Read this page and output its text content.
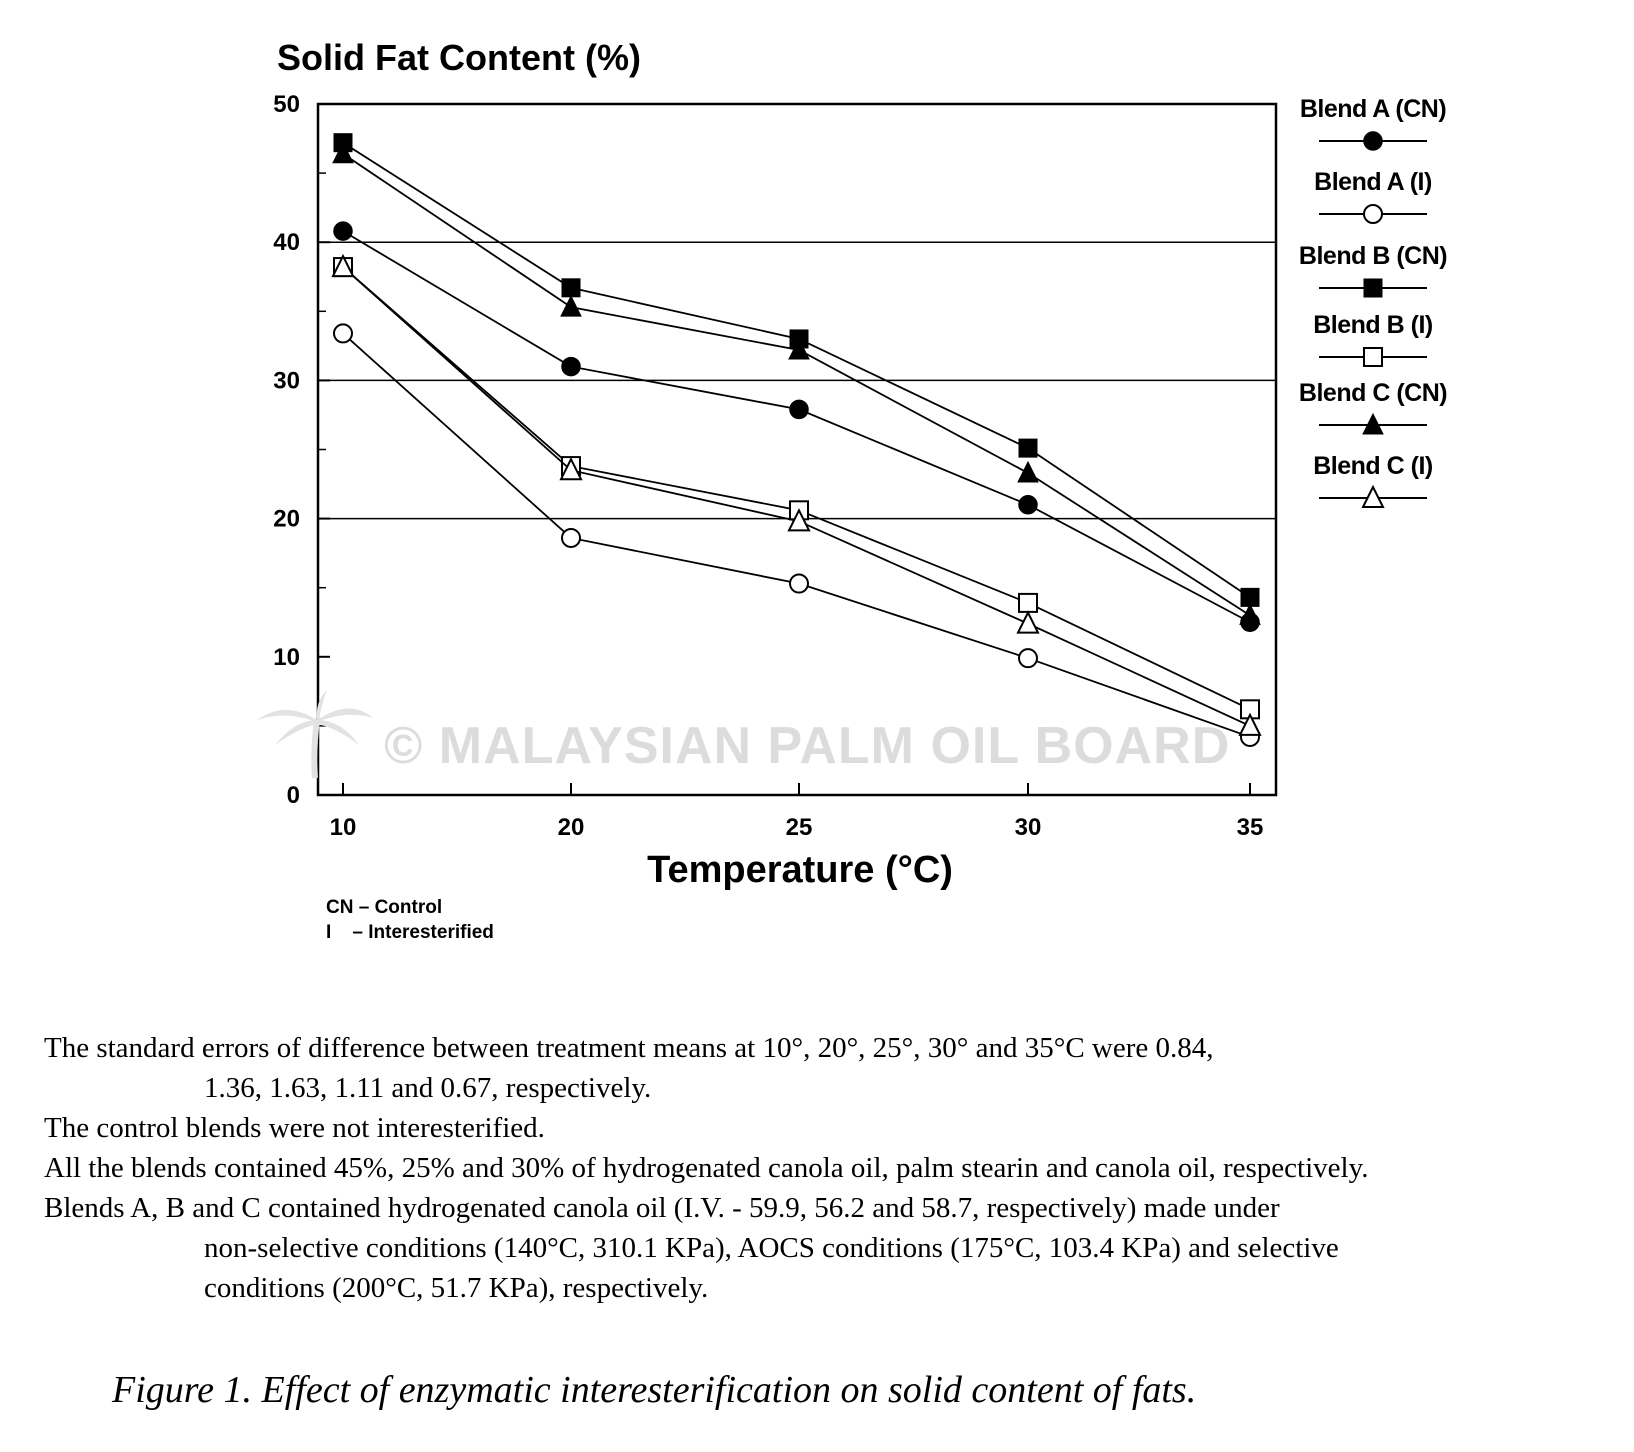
Solid Fat Content (%)
0
10
20
30
40
50
10	20	25	30	35
Temperature (°C)
Blend A (CN)
Blend A (I)
Blend B (CN)
Blend B (I)
Blend C (CN)
Blend C (I)
© MALAYSIAN PALM OIL BOARD
CN – Control
I    – Interesterified

The standard errors of difference between treatment means at 10°, 20°, 25°, 30° and 35°C were 0.84,

1.36, 1.63, 1.11 and 0.67, respectively.

The control blends were not interesterified.

All the blends contained 45%, 25% and 30% of hydrogenated canola oil, palm stearin and canola oil, respectively.

Blends A, B and C contained hydrogenated canola oil (I.V. - 59.9, 56.2 and 58.7, respectively) made under

non-selective conditions (140°C, 310.1 KPa), AOCS conditions (175°C, 103.4 KPa) and selective

conditions (200°C, 51.7 KPa), respectively.

Figure 1. Effect of enzymatic interesterification on solid content of fats.
